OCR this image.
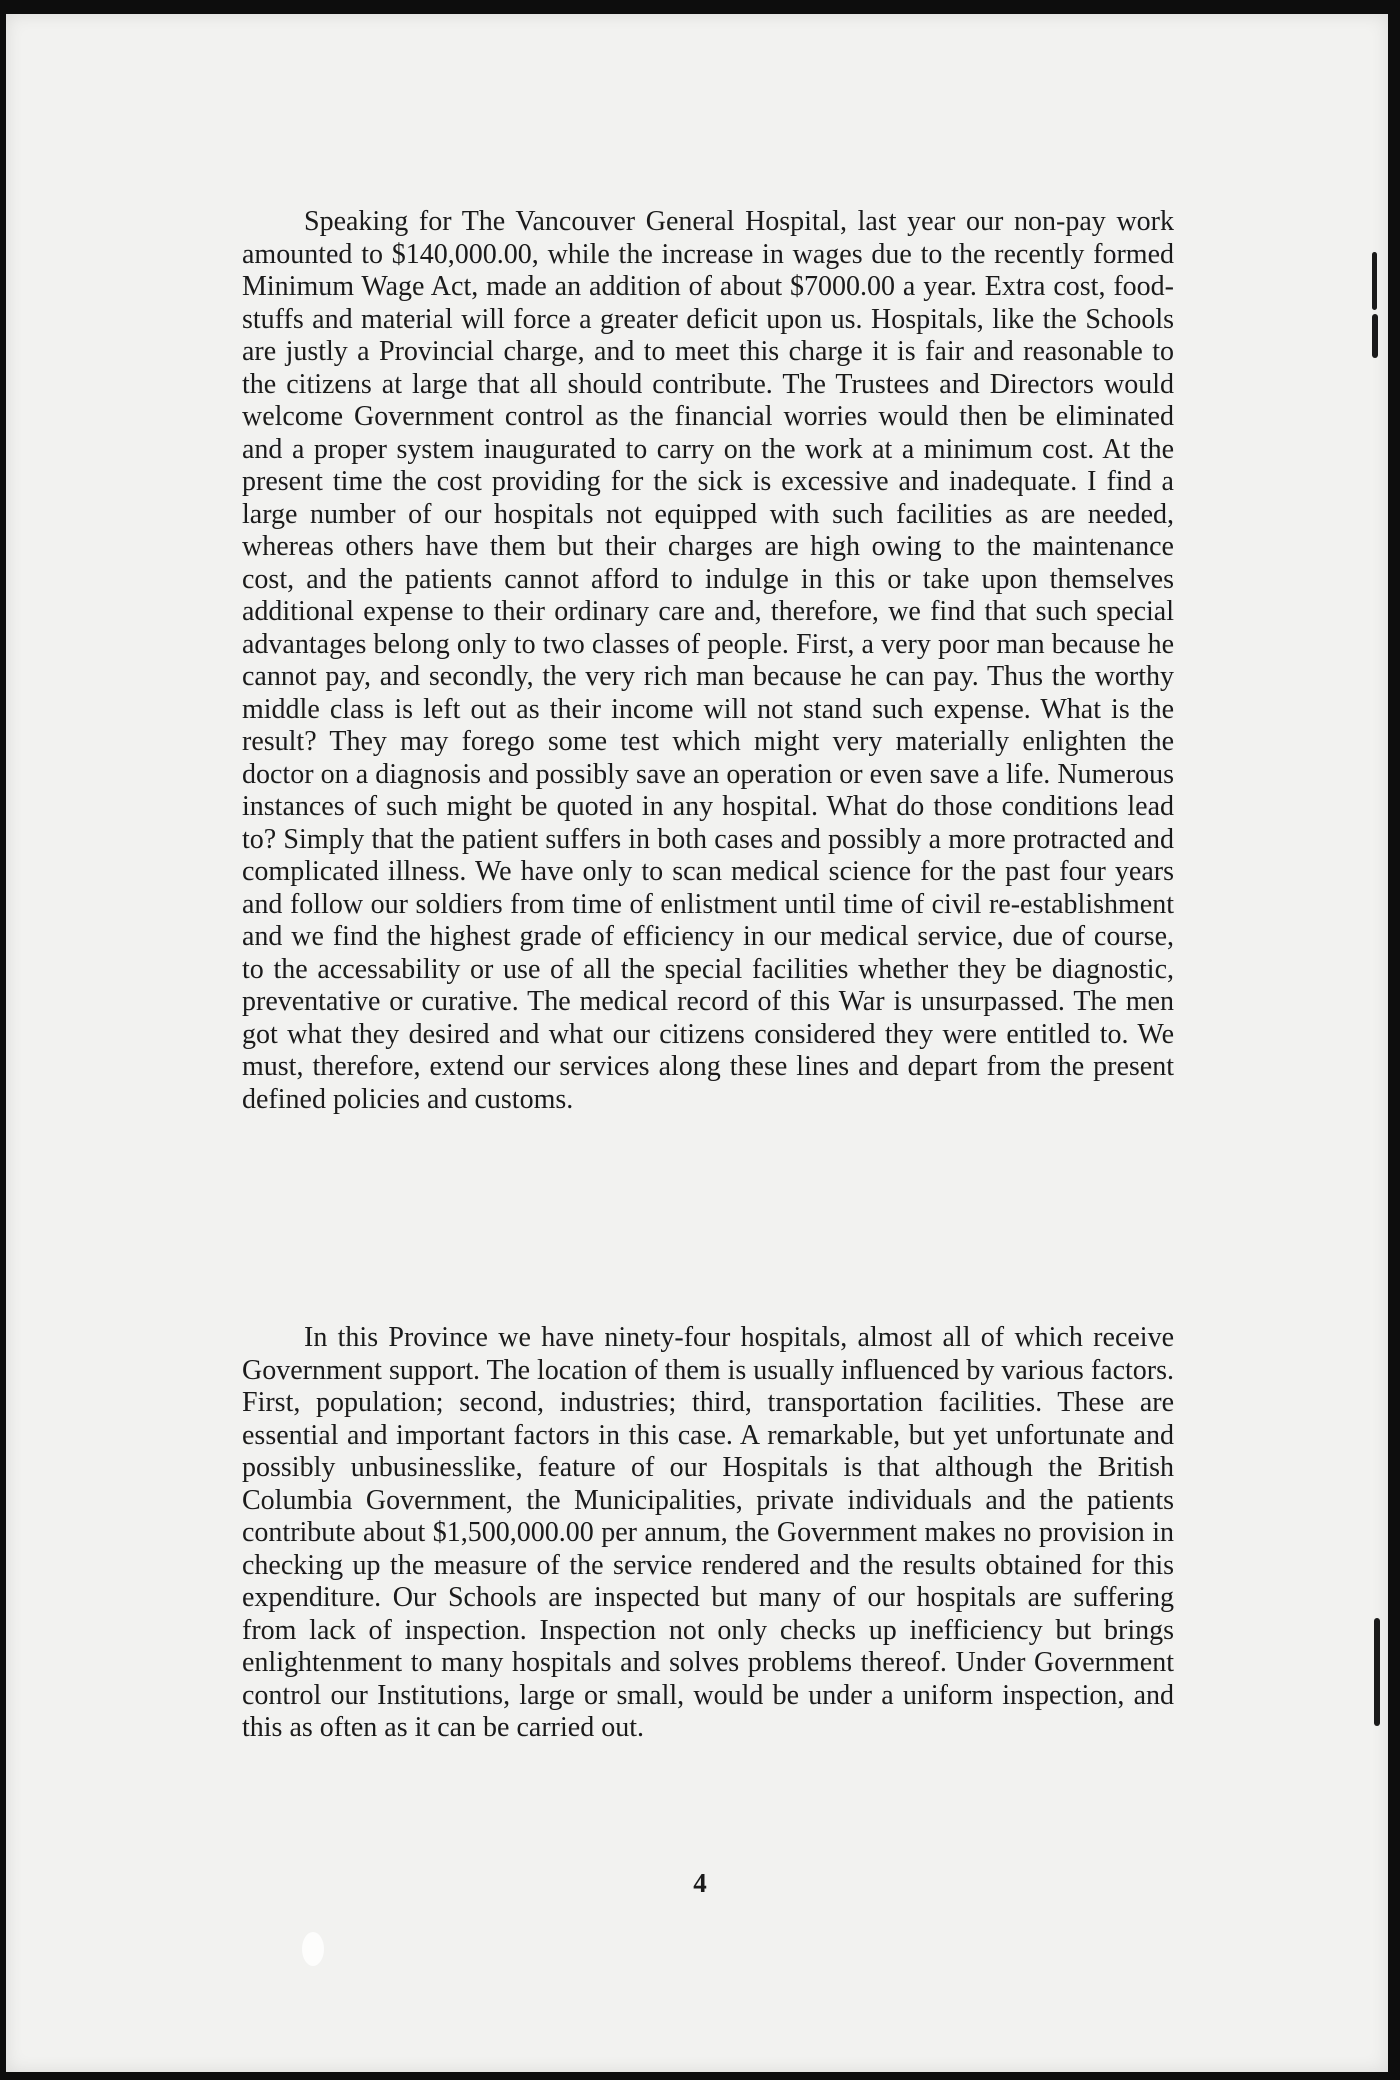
Speaking for The Vancouver General Hospital, last year our non-pay work amounted to $140,000.00, while the increase in wages due to the recently formed Minimum Wage Act, made an addition of about $7000.00 a year. Extra cost, food-stuffs and material will force a greater deficit upon us. Hospitals, like the Schools are justly a Provincial charge, and to meet this charge it is fair and reasonable to the citizens at large that all should contribute. The Trustees and Directors would welcome Government control as the financial worries would then be eliminated and a proper system inaugurated to carry on the work at a minimum cost. At the present time the cost providing for the sick is excessive and inadequate. I find a large number of our hospitals not equipped with such facilities as are needed, whereas others have them but their charges are high owing to the maintenance cost, and the patients cannot afford to indulge in this or take upon themselves additional expense to their ordinary care and, therefore, we find that such special advantages belong only to two classes of people. First, a very poor man because he cannot pay, and secondly, the very rich man because he can pay. Thus the worthy middle class is left out as their income will not stand such expense. What is the result? They may forego some test which might very materially enlighten the doctor on a diagnosis and possibly save an operation or even save a life. Numerous instances of such might be quoted in any hospital. What do those conditions lead to? Simply that the patient suffers in both cases and possibly a more protracted and complicated illness. We have only to scan medical science for the past four years and follow our soldiers from time of enlistment until time of civil re-establishment and we find the highest grade of efficiency in our medical service, due of course, to the accessability or use of all the special facilities whether they be diagnostic, preventative or curative. The medical record of this War is unsurpassed. The men got what they desired and what our citizens considered they were entitled to. We must, therefore, extend our services along these lines and depart from the present defined policies and customs.

In this Province we have ninety-four hospitals, almost all of which receive Government support. The location of them is usually influenced by various factors. First, population; second, industries; third, transportation facilities. These are essential and important factors in this case. A remarkable, but yet unfortunate and possibly unbusinesslike, feature of our Hospitals is that although the British Columbia Government, the Municipalities, private individuals and the patients contribute about $1,500,000.00 per annum, the Government makes no provision in checking up the measure of the service rendered and the results obtained for this expenditure. Our Schools are inspected but many of our hospitals are suffering from lack of inspection. Inspection not only checks up inefficiency but brings enlightenment to many hospitals and solves problems thereof. Under Government control our Institutions, large or small, would be under a uniform inspection, and this as often as it can be carried out.

4
